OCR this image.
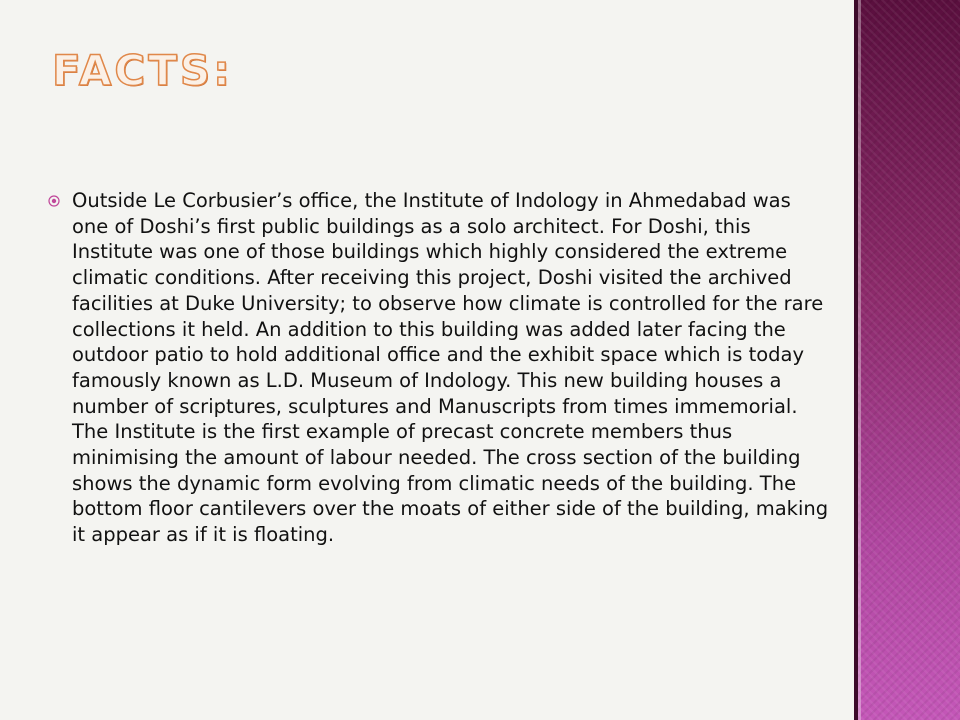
FACTS:

Outside Le Corbusier’s office, the Institute of Indology in Ahmedabad was one of Doshi’s first public buildings as a solo architect. For Doshi, this Institute was one of those buildings which highly considered the extreme climatic conditions. After receiving this project, Doshi visited the archived facilities at Duke University; to observe how climate is controlled for the rare collections it held. An addition to this building was added later facing the outdoor patio to hold additional office and the exhibit space which is today famously known as L.D. Museum of Indology. This new building houses a number of scriptures, sculptures and Manuscripts from times immemorial. The Institute is the first example of precast concrete members thus minimising the amount of labour needed. The cross section of the building shows the dynamic form evolving from climatic needs of the building. The bottom floor cantilevers over the moats of either side of the building, making it appear as if it is floating.
